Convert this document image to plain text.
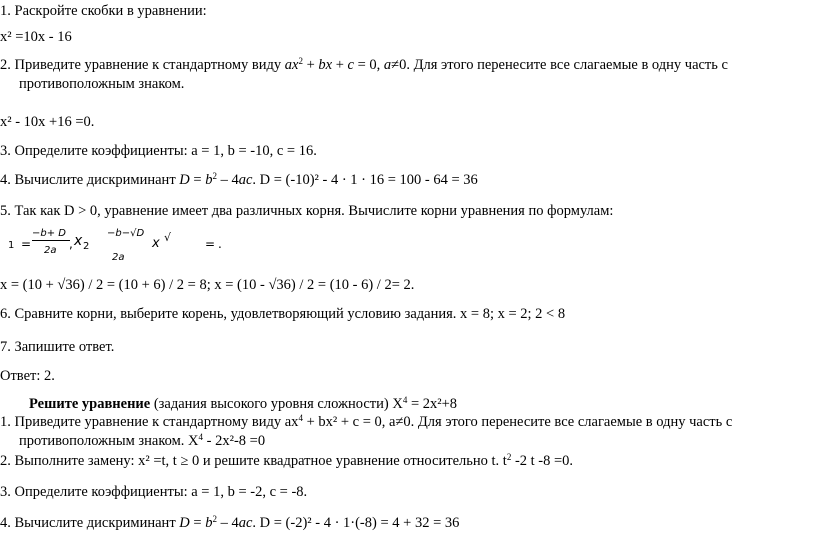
1. Раскройте скобки в уравнении:
x² =10x - 16
2. Приведите уравнение к стандартному виду $ax^2$ + bx + c = 0, a≠0. Для этого перенесите все слагаемые в одну часть с
противоположным знаком.
x² - 10x +16 =0.
3. Определите коэффициенты: a = 1, b = -10, c = 16.
4. Вычислите дискриминант $D = b^2 - 4ac$. D = (-10)² - 4 · 1 · 16 = 100 - 64 = 36
5. Так как D > 0, уравнение имеет два различных корня. Вычислите корни уравнения по формулам:
1 =
−b+ D
2a , x 2
−b−√D
2a
x √	= .
x⁠ = (10 + √36) / 2 = (10 + 6) / 2 = 8; x⁠ = (10 - √36) / 2 = (10 - 6) / 2= 2.
6. Сравните корни, выберите корень, удовлетворяющий условию задания. x⁠ = 8; x⁠ = 2; 2 < 8
7. Запишите ответ.
Ответ: 2.
Решите уравнение (задания высокого уровня сложности) $X^4 = 2x^2+8$
1. Приведите уравнение к стандартному виду $ax^4 + bx^2 + c = 0$, a≠0. Для этого перенесите все слагаемые в одну часть с
противоположным знаком. $X^4 - 2x^2-8 =0$
2. Выполните замену: x² =t, t ≥ 0 и решите квадратное уравнение относительно t. $t^2$ -2 t -8 =0.
3. Определите коэффициенты: a = 1, b = -2, c = -8.
4. Вычислите дискриминант $D = b^2 - 4ac$. D = (-2)² - 4 · 1·(-8) = 4 + 32 = 36
